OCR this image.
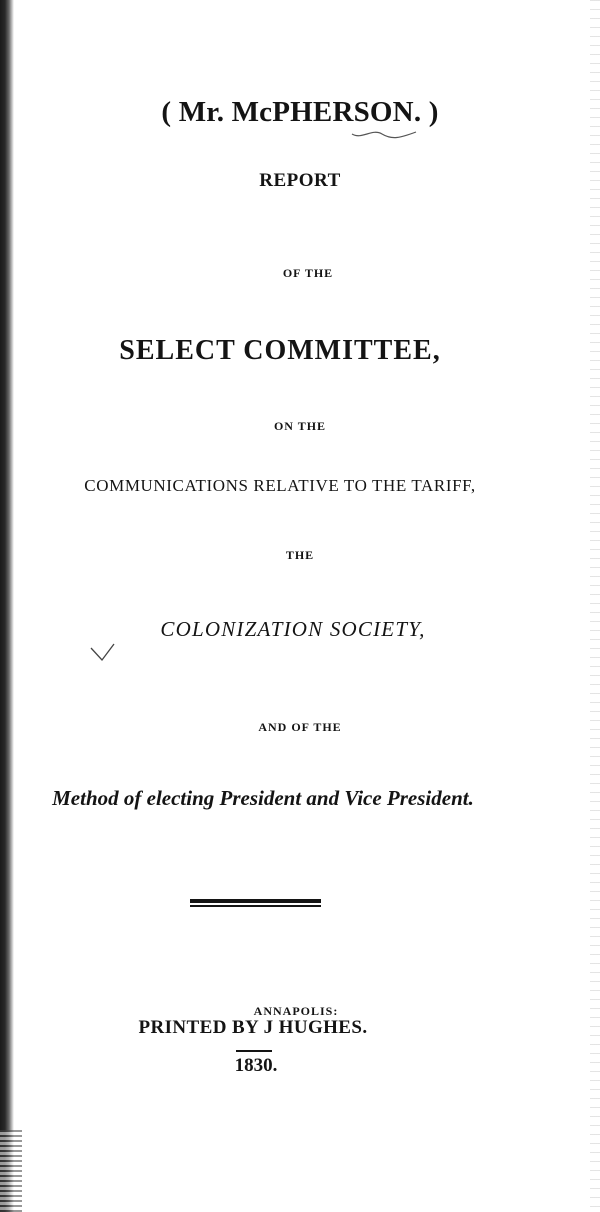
( Mr. McPHERSON. )
REPORT
OF THE
SELECT COMMITTEE,
ON THE
COMMUNICATIONS RELATIVE TO THE TARIFF,
THE
COLONIZATION SOCIETY,
AND OF THE
Method of electing President and Vice President.
ANNAPOLIS:
PRINTED BY J HUGHES.
1830.
